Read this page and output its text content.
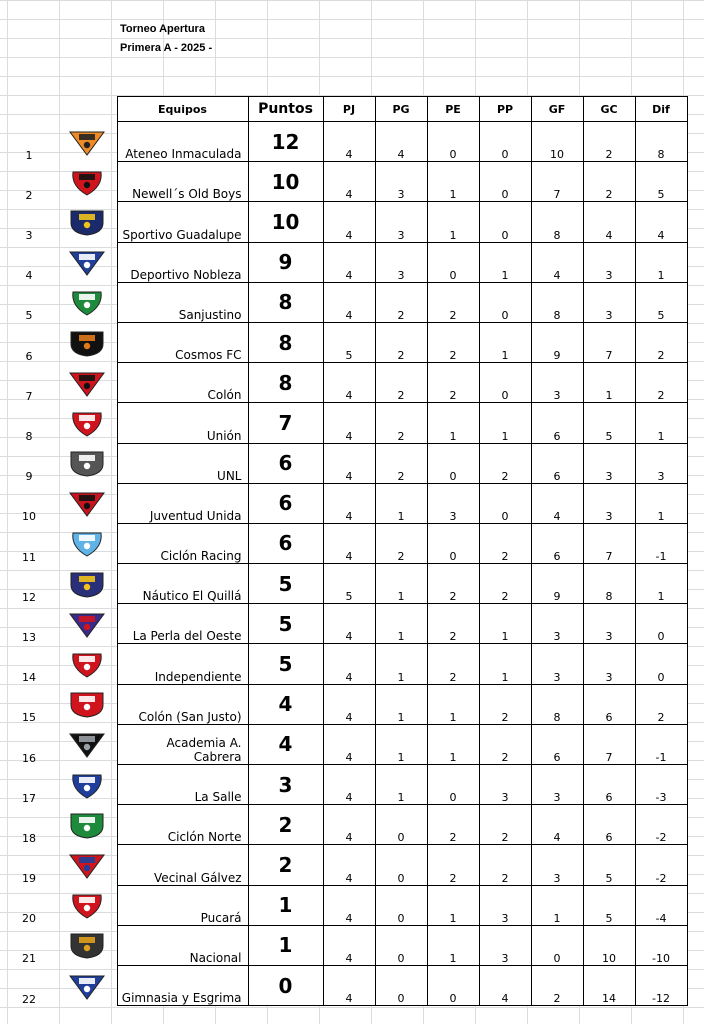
Torneo Apertura
Primera A - 2025 -
		Equipos	Puntos	PJ	PG	PE	PP	GF	GC	Dif
1		Ateneo Inmaculada	12	4	4	0	0	10	2	8
2		Newell´s Old Boys	10	4	3	1	0	7	2	5
3		Sportivo Guadalupe	10	4	3	1	0	8	4	4
4		Deportivo Nobleza	9	4	3	0	1	4	3	1
5		Sanjustino	8	4	2	2	0	8	3	5
6		Cosmos FC	8	5	2	2	1	9	7	2
7		Colón	8	4	2	2	0	3	1	2
8		Unión	7	4	2	1	1	6	5	1
9		UNL	6	4	2	0	2	6	3	3
10		Juventud Unida	6	4	1	3	0	4	3	1
11		Ciclón Racing	6	4	2	0	2	6	7	-1
12		Náutico El Quillá	5	5	1	2	2	9	8	1
13		La Perla del Oeste	5	4	1	2	1	3	3	0
14		Independiente	5	4	1	2	1	3	3	0
15		Colón (San Justo)	4	4	1	1	2	8	6	2
16		Academia A. Cabrera	4	4	1	1	2	6	7	-1
17		La Salle	3	4	1	0	3	3	6	-3
18		Ciclón Norte	2	4	0	2	2	4	6	-2
19		Vecinal Gálvez	2	4	0	2	2	3	5	-2
20		Pucará	1	4	0	1	3	1	5	-4
21		Nacional	1	4	0	1	3	0	10	-10
22		Gimnasia y Esgrima	0	4	0	0	4	2	14	-12
